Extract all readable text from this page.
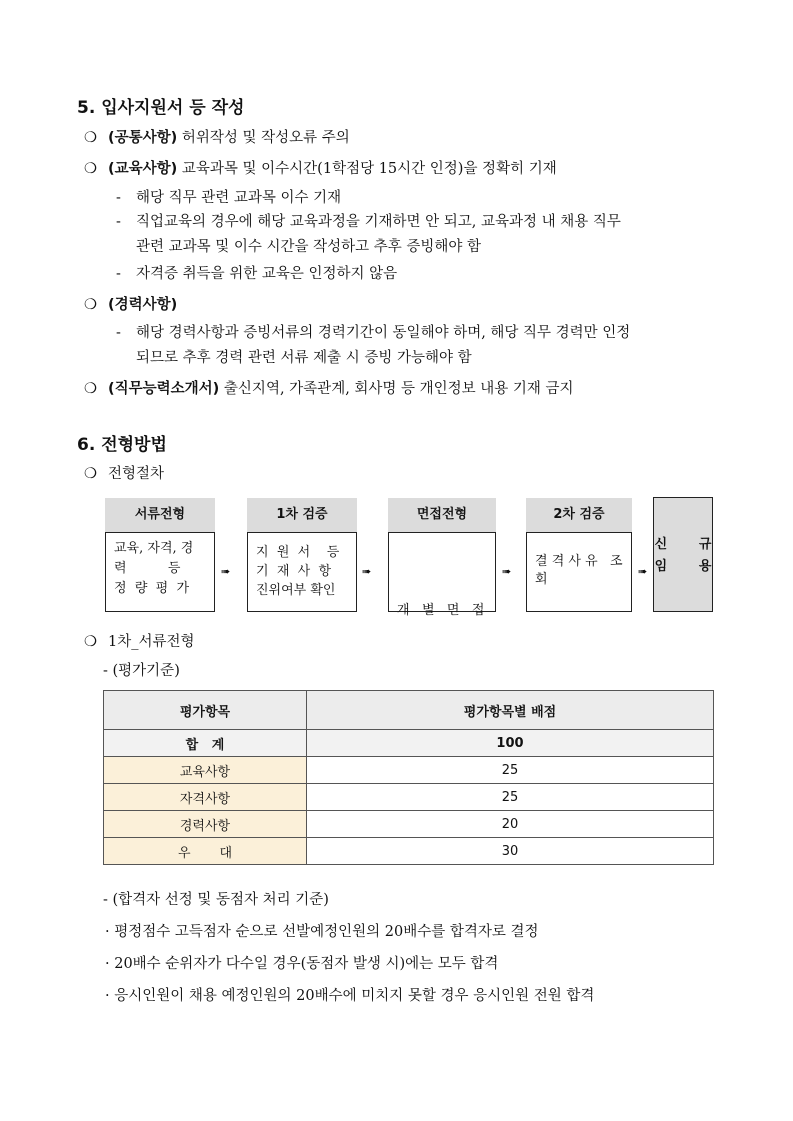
5. 입사지원서 등 작성
❍ (공통사항) 허위작성 및 작성오류 주의
❍ (교육사항) 교육과목 및 이수시간(1학점당 15시간 인정)을 정확히 기재
- 해당 직무 관련 교과목 이수 기재
- 직업교육의 경우에 해당 교육과정을 기재하면 안 되고, 교육과정 내 채용 직무
관련 교과목 및 이수 시간을 작성하고 추후 증빙해야 함
- 자격증 취득을 위한 교육은 인정하지 않음
❍ (경력사항)
- 해당 경력사항과 증빙서류의 경력기간이 동일해야 하며, 해당 직무 경력만 인정
되므로 추후 경력 관련 서류 제출 시 증빙 가능해야 함
❍ (직무능력소개서) 출신지역, 가족관계, 회사명 등 개인정보 내용 기재 금지
6. 전형방법
❍ 전형절차
서류전형
교육, 자격, 경
력          등
정  량  평  가
➠
1차 검증
지  원  서    등
기  재  사  항
진위여부 확인
➠
면접전형

개   별   면   접

➠
2차 검증
결 격 사 유   조
회
➠
신       규
임       용
❍ 1차_서류전형
- (평가기준)
평가항목	평가항목별 배점
합   계	100
교육사항	25
자격사항	25
경력사항	20
우       대	30
- (합격자 선정 및 동점자 처리 기준)
· 평정점수 고득점자 순으로 선발예정인원의 20배수를 합격자로 결정
· 20배수 순위자가 다수일 경우(동점자 발생 시)에는 모두 합격
· 응시인원이 채용 예정인원의 20배수에 미치지 못할 경우 응시인원 전원 합격
